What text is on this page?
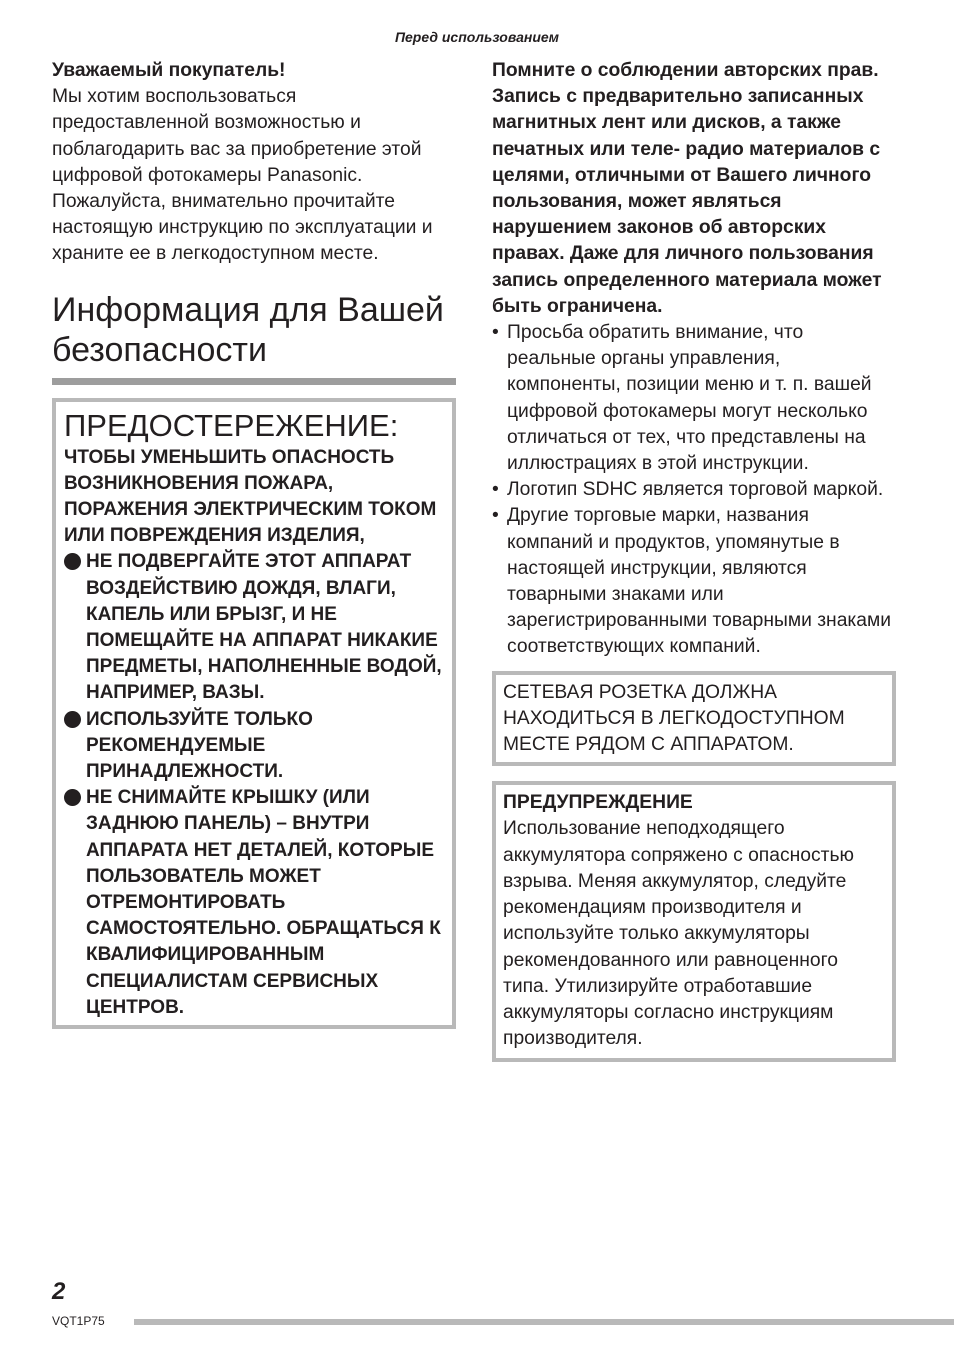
Перед использованием

Уважаемый покупатель!

Мы хотим воспользоваться предоставленной возможностью и поблагодарить вас за приобретение этой цифровой фотокамеры Panasonic. Пожалуйста, внимательно прочитайте настоящую инструкцию по эксплуатации и храните ее в легкодоступном месте.

Информация для Вашей безопасности

ПРЕДОСТЕРЕЖЕНИЕ:

ЧТОБЫ УМЕНЬШИТЬ ОПАСНОСТЬ ВОЗНИКНОВЕНИЯ ПОЖАРА, ПОРАЖЕНИЯ ЭЛЕКТРИЧЕСКИМ ТОКОМ ИЛИ ПОВРЕЖДЕНИЯ ИЗДЕЛИЯ,

НЕ ПОДВЕРГАЙТЕ ЭТОТ АППАРАТ ВОЗДЕЙСТВИЮ ДОЖДЯ, ВЛАГИ, КАПЕЛЬ ИЛИ БРЫЗГ, И НЕ ПОМЕЩАЙТЕ НА АППАРАТ НИКАКИЕ ПРЕДМЕТЫ, НАПОЛНЕННЫЕ ВОДОЙ, НАПРИМЕР, ВАЗЫ.
ИСПОЛЬЗУЙТЕ ТОЛЬКО РЕКОМЕНДУЕМЫЕ ПРИНАДЛЕЖНОСТИ.
НЕ СНИМАЙТЕ КРЫШКУ (ИЛИ ЗАДНЮЮ ПАНЕЛЬ) – ВНУТРИ АППАРАТА НЕТ ДЕТАЛЕЙ, КОТОРЫЕ ПОЛЬЗОВАТЕЛЬ МОЖЕТ ОТРЕМОНТИРОВАТЬ САМОСТОЯТЕЛЬНО. ОБРАЩАТЬСЯ К КВАЛИФИЦИРОВАННЫМ СПЕЦИАЛИСТАМ СЕРВИСНЫХ ЦЕНТРОВ.

Помните о соблюдении авторских прав.

Запись с предварительно записанных магнитных лент или дисков, а также печатных или теле- радио материалов с целями, отличными от Вашего личного пользования, может являться нарушением законов об авторских правах. Даже для личного пользования запись определенного материала может быть ограничена.

• Просьба обратить внимание, что реальные органы управления, компоненты, позиции меню и т. п. вашей цифровой фотокамеры могут несколько отличаться от тех, что представлены на иллюстрациях в этой инструкции.
• Логотип SDHC является торговой маркой.
• Другие торговые марки, названия компаний и продуктов, упомянутые в настоящей инструкции, являются товарными знаками или зарегистрированными товарными знаками соответствующих компаний.

СЕТЕВАЯ РОЗЕТКА ДОЛЖНА НАХОДИТЬСЯ В ЛЕГКОДОСТУПНОМ МЕСТЕ РЯДОМ С АППАРАТОМ.

ПРЕДУПРЕЖДЕНИЕ

Использование неподходящего аккумулятора сопряжено с опасностью взрыва. Меняя аккумулятор, следуйте рекомендациям производителя и используйте только аккумуляторы рекомендованного или равноценного типа. Утилизируйте отработавшие аккумуляторы согласно инструкциям производителя.

2
VQT1P75
